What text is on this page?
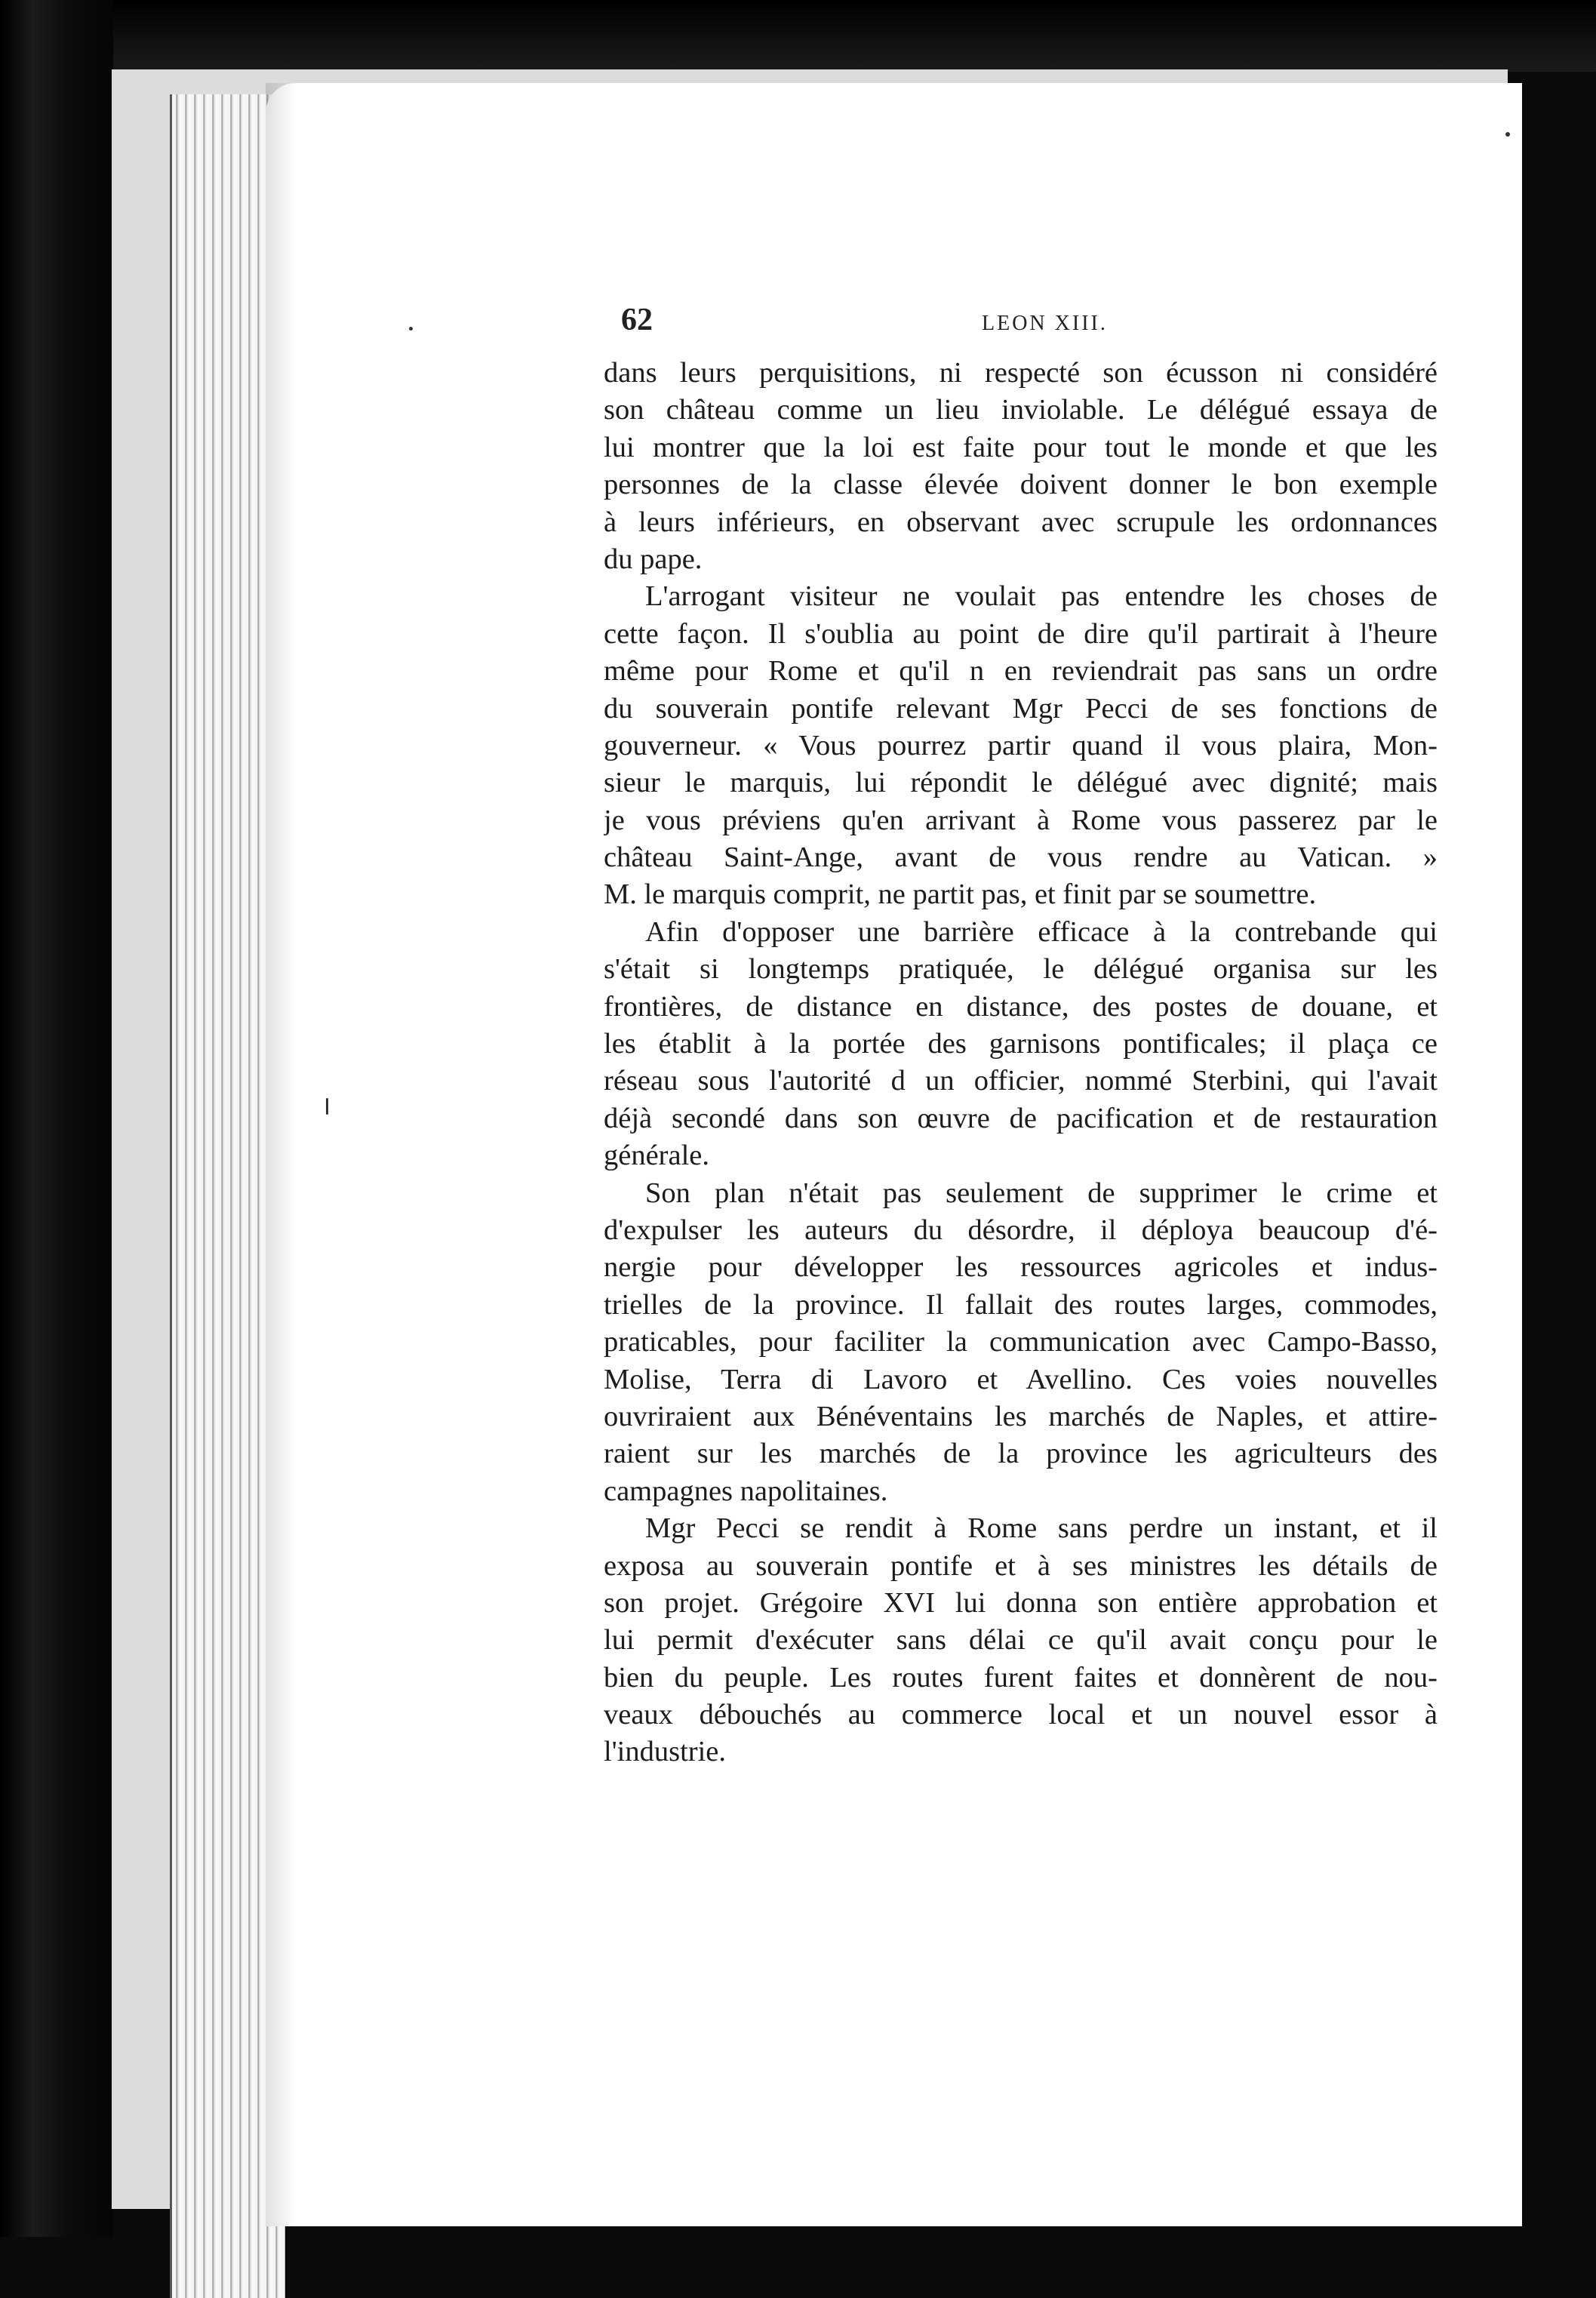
62	LEON XIII.
dans leurs perquisitions, ni respecté son écusson ni considéré
son château comme un lieu inviolable. Le délégué essaya de
lui montrer que la loi est faite pour tout le monde et que les
personnes de la classe élevée doivent donner le bon exemple
à leurs inférieurs, en observant avec scrupule les ordonnances
du pape.
L'arrogant visiteur ne voulait pas entendre les choses de
cette façon. Il s'oublia au point de dire qu'il partirait à l'heure
même pour Rome et qu'il n en reviendrait pas sans un ordre
du souverain pontife relevant Mgr Pecci de ses fonctions de
gouverneur. « Vous pourrez partir quand il vous plaira, Mon-
sieur le marquis, lui répondit le délégué avec dignité; mais
je vous préviens qu'en arrivant à Rome vous passerez par le
château Saint-Ange, avant de vous rendre au Vatican. »
M. le marquis comprit, ne partit pas, et finit par se soumettre.
Afin d'opposer une barrière efficace à la contrebande qui
s'était si longtemps pratiquée, le délégué organisa sur les
frontières, de distance en distance, des postes de douane, et
les établit à la portée des garnisons pontificales; il plaça ce
réseau sous l'autorité d un officier, nommé Sterbini, qui l'avait
déjà secondé dans son œuvre de pacification et de restauration
générale.
Son plan n'était pas seulement de supprimer le crime et
d'expulser les auteurs du désordre, il déploya beaucoup d'é-
nergie pour développer les ressources agricoles et indus-
trielles de la province. Il fallait des routes larges, commodes,
praticables, pour faciliter la communication avec Campo-Basso,
Molise, Terra di Lavoro et Avellino. Ces voies nouvelles
ouvriraient aux Bénéventains les marchés de Naples, et attire-
raient sur les marchés de la province les agriculteurs des
campagnes napolitaines.
Mgr Pecci se rendit à Rome sans perdre un instant, et il
exposa au souverain pontife et à ses ministres les détails de
son projet. Grégoire XVI lui donna son entière approbation et
lui permit d'exécuter sans délai ce qu'il avait conçu pour le
bien du peuple. Les routes furent faites et donnèrent de nou-
veaux débouchés au commerce local et un nouvel essor à
l'industrie.
